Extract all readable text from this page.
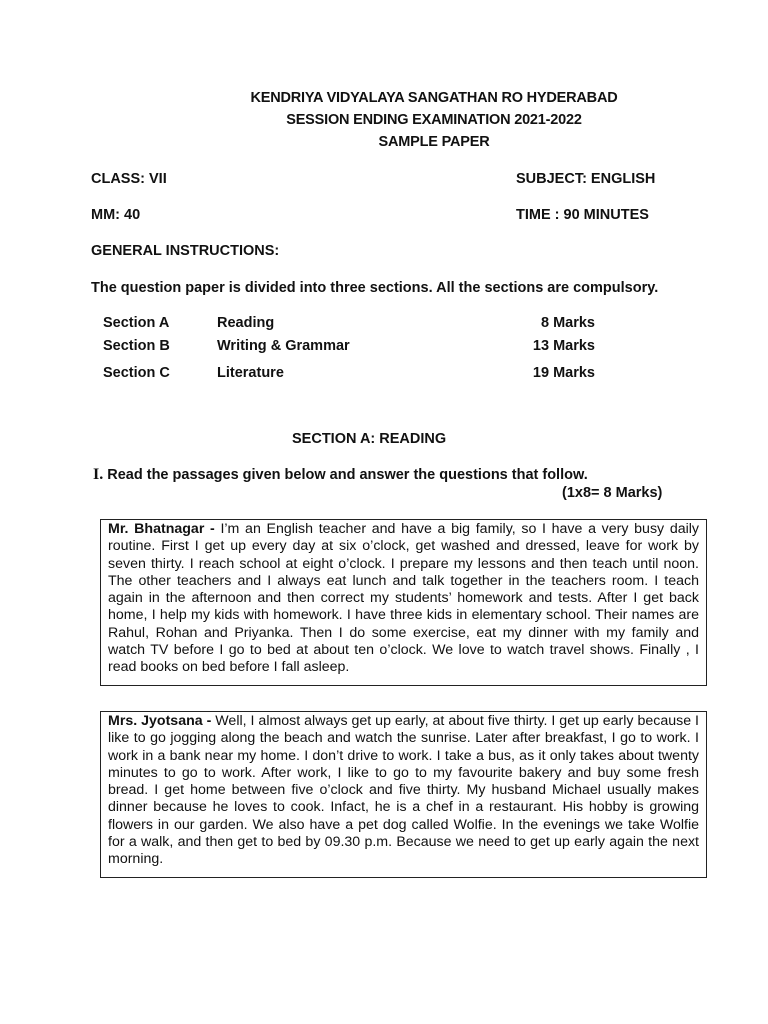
KENDRIYA VIDYALAYA SANGATHAN RO HYDERABAD
SESSION ENDING EXAMINATION 2021-2022
SAMPLE PAPER
CLASS: VII	SUBJECT: ENGLISH
MM: 40	TIME : 90 MINUTES
GENERAL INSTRUCTIONS:
The question paper is divided into three sections. All the sections are compulsory.
Section A	Reading	8 Marks
Section B	Writing & Grammar	13 Marks
Section C	Literature	19 Marks
SECTION A: READING
I. Read the passages given below and answer the questions that follow.
(1x8= 8 Marks)
Mr. Bhatnagar - I’m an English teacher and have a big family, so I have a very busy daily routine. First I get up every day at six o’clock, get washed and dressed, leave for work by seven thirty. I reach school at eight o’clock. I prepare my lessons and then teach until noon. The other teachers and I always eat lunch and talk together in the teachers room. I teach again in the afternoon and then correct my students’ homework and tests. After I get back home, I help my kids with homework. I have three kids in elementary school. Their names are Rahul, Rohan and Priyanka. Then I do some exercise, eat my dinner with my family and watch TV before I go to bed at about ten o’clock. We love to watch travel shows. Finally , I read books on bed before I fall asleep.
Mrs. Jyotsana - Well, I almost always get up early, at about five thirty. I get up early because I like to go jogging along the beach and watch the sunrise. Later after breakfast, I go to work. I work in a bank near my home. I don’t drive to work. I take a bus, as it only takes about twenty minutes to go to work. After work, I like to go to my favourite bakery and buy some fresh bread. I get home between five o’clock and five thirty. My husband Michael usually makes dinner because he loves to cook. Infact, he is a chef in a restaurant. His hobby is growing flowers in our garden. We also have a pet dog called Wolfie. In the evenings we take Wolfie for a walk, and then get to bed by 09.30 p.m. Because we need to get up early again the next morning.
